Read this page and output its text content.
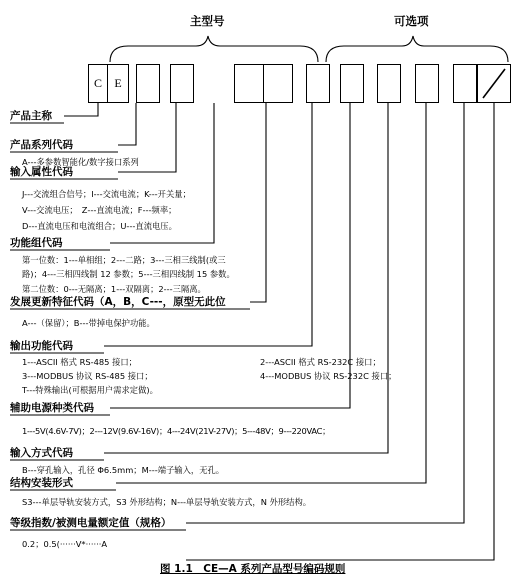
主型号	可选项
C	E
产品主称
产品系列代码
A---多参数智能化/数字接口系列
输入属性代码
J---交流组合信号；I---交流电流；K---开关量；
V---交流电压；　Z---直流电流；F---频率；
D---直流电压和电流组合；U---直流电压。
功能组代码
第一位数：1---单相组；2---二路；3---三相三线制(或三
路)；4---三相四线制 12 参数；5---三相四线制 15 参数。
第二位数：0---无隔离；1---双隔离；2---三隔离。
发展更新特征代码（A，B，C---，原型无此位
A---（保留）；B---带掉电保护功能。
输出功能代码
1---ASCII 格式 RS-485 接口；	2---ASCII 格式 RS-232C 接口；
3---MODBUS 协议 RS-485 接口；	4---MODBUS 协议 RS-232C 接口；
T---特殊输出(可根据用户需求定做)。
辅助电源种类代码
1---5V(4.6V-7V)；2---12V(9.6V-16V)；4---24V(21V-27V)；5---48V；9---220VAC；
输入方式代码
B---穿孔输入，孔径 Φ6.5mm；M---端子输入，无孔。
结构安装形式
S3---单层导轨安装方式，S3 外形结构；N---单层导轨安装方式，N 外形结构。
等级指数/被测电量额定值（规格）
0.2；0.5(······V*······A
图 1.1　CE—A 系列产品型号编码规则
